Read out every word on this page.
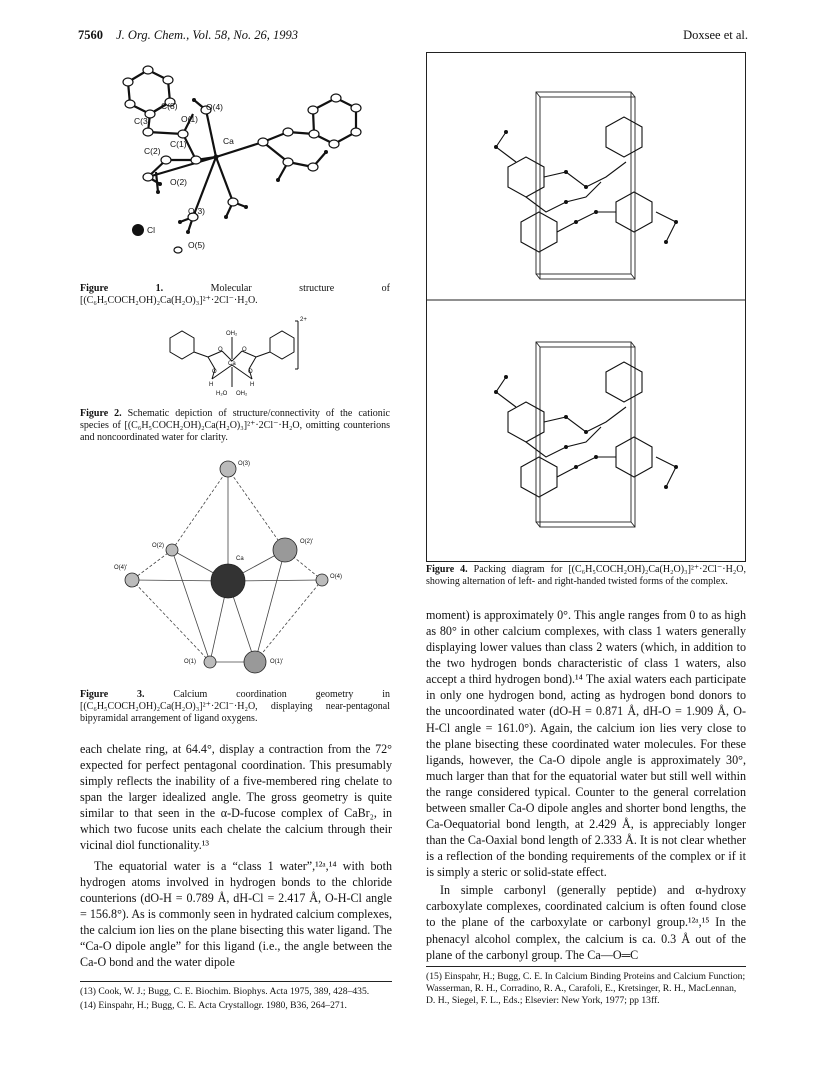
7560 J. Org. Chem., Vol. 58, No. 26, 1993	Doxsee et al.
C(8)	O(4)
C(3)	O(1)
C(1)	Ca
C(2)
O(2)
O(3)
Cl
O(5)
Figure 1.	Molecular structure of [(C₆H₅COCH₂OH)₂Ca(H₂O)₃]²⁺·2Cl⁻·H₂O.
OH₂
Ca
H	H
H₂O OH₂
O	O
O	O
2+
Figure 2. Schematic depiction of structure/connectivity of the cationic species of [(C₆H₅COCH₂OH)₂Ca(H₂O)₃]²⁺·2Cl⁻·H₂O, omitting counterions and noncoordinated water for clarity.
O(3)
O(2)
O(2)'
Ca
O(4)'
O(4)
O(1)	O(1)'
Figure 3.	Calcium coordination geometry in [(C₆H₅COCH₂OH)₂Ca(H₂O)₃]²⁺·2Cl⁻·H₂O, displaying near-pentagonal bipyramidal arrangement of ligand oxygens.

each chelate ring, at 64.4°, display a contraction from the 72° expected for perfect pentagonal coordination. This presumably simply reflects the inability of a five-membered ring chelate to span the larger idealized angle. The gross geometry is quite similar to that seen in the α-D-fucose complex of CaBr₂, in which two fucose units each chelate the calcium through their vicinal diol functionality.¹³

The equatorial water is a “class 1 water”,¹²ᵃ,¹⁴ with both hydrogen atoms involved in hydrogen bonds to the chloride counterions (dO-H = 0.789 Å, dH-Cl = 2.417 Å, O-H-Cl angle = 156.8°). As is commonly seen in hydrated calcium complexes, the calcium ion lies on the plane bisecting this water ligand. The “Ca-O dipole angle” for this ligand (i.e., the angle between the Ca-O bond and the water dipole

Figure 4. Packing diagram for [(C₆H₅COCH₂OH)₂Ca(H₂O)₃]²⁺·2Cl⁻·H₂O, showing alternation of left- and right-handed twisted forms of the complex.

moment) is approximately 0°. This angle ranges from 0 to as high as 80° in other calcium complexes, with class 1 waters generally displaying lower values than class 2 waters (which, in addition to the two hydrogen bonds characteristic of class 1 waters, also accept a third hydrogen bond).¹⁴ The axial waters each participate in only one hydrogen bond, acting as hydrogen bond donors to the uncoordinated water (dO-H = 0.871 Å, dH-O = 1.909 Å, O-H-Cl angle = 161.0°). Again, the calcium ion lies very close to the plane bisecting these coordinated water molecules. For these ligands, however, the Ca-O dipole angle is approximately 30°, much larger than that for the equatorial water but still well within the range considered typical. Counter to the general correlation between smaller Ca-O dipole angles and shorter bond lengths, the Ca-Oequatorial bond length, at 2.429 Å, is appreciably longer than the Ca-Oaxial bond length of 2.333 Å. It is not clear whether is a reflection of the bonding requirements of the complex or if it is simply a steric or solid-state effect.

In simple carbonyl (generally peptide) and α-hydroxy carboxylate complexes, coordinated calcium is often found close to the plane of the carboxylate or carbonyl group.¹²ᵃ,¹⁵ In the phenacyl alcohol complex, the calcium is ca. 0.3 Å out of the plane of the carbonyl group. The Ca—O═C

(13) Cook, W. J.; Bugg, C. E. Biochim. Biophys. Acta 1975, 389, 428–435.

(14) Einspahr, H.; Bugg, C. E. Acta Crystallogr. 1980, B36, 264–271.

(15) Einspahr, H.; Bugg, C. E. In Calcium Binding Proteins and Calcium Function; Wasserman, R. H., Corradino, R. A., Carafoli, E., Kretsinger, R. H., MacLennan, D. H., Siegel, F. L., Eds.; Elsevier: New York, 1977; pp 13ff.
